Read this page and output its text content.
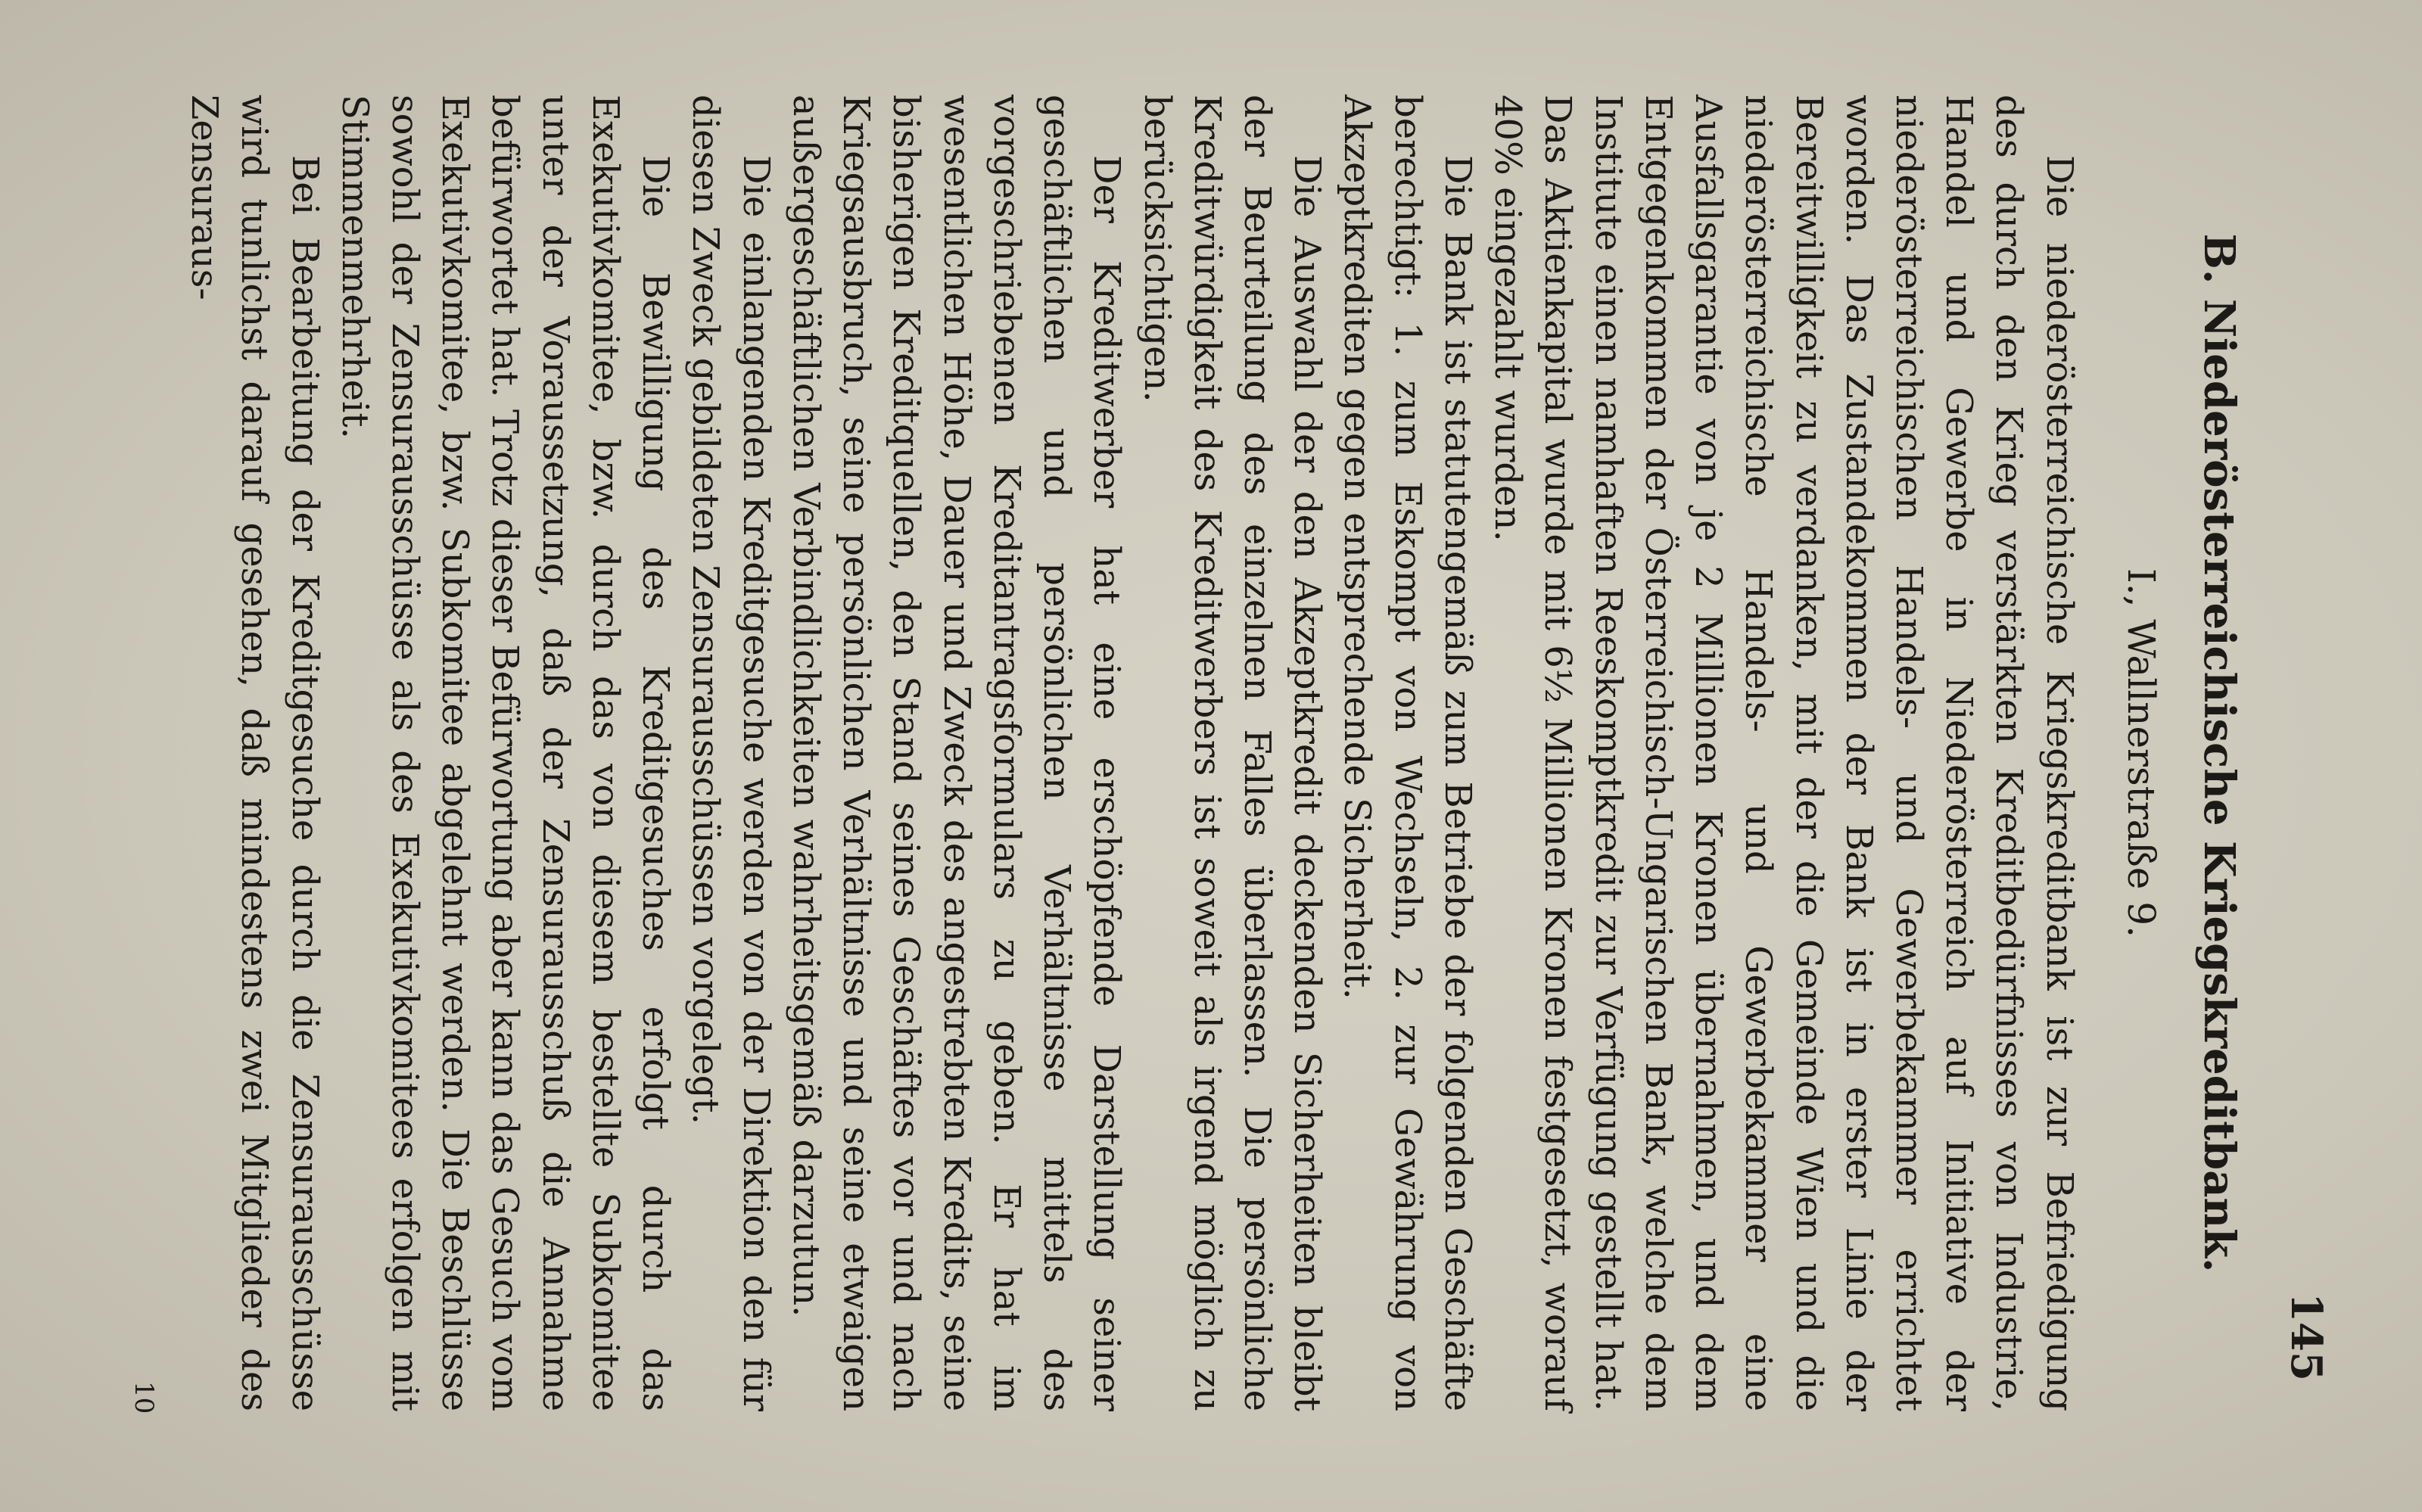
145
B. Niederösterreichische Kriegskreditbank.
I., Wallnerstraße 9.

Die niederösterreichische Kriegskreditbank ist zur Befriedigung des durch den Krieg verstärkten Kreditbedürfnisses von Industrie, Handel und Gewerbe in Niederösterreich auf Initiative der niederösterreichischen Handels- und Gewerbekammer errichtet worden. Das Zustandekommen der Bank ist in erster Linie der Bereitwilligkeit zu verdanken, mit der die Gemeinde Wien und die niederösterreichische Handels- und Gewerbekammer eine Ausfallsgarantie von je 2 Millionen Kronen übernahmen, und dem Entgegenkommen der Österreichisch-Ungarischen Bank, welche dem Institute einen namhaften Reeskomptkredit zur Verfügung gestellt hat. Das Aktienkapital wurde mit 6½ Millionen Kronen festgesetzt, worauf 40% eingezahlt wurden.

Die Bank ist statutengemäß zum Betriebe der folgenden Geschäfte berechtigt: 1. zum Eskompt von Wechseln, 2. zur Gewährung von Akzeptkrediten gegen entsprechende Sicherheit.

Die Auswahl der den Akzeptkredit deckenden Sicherheiten bleibt der Beurteilung des einzelnen Falles überlassen. Die persönliche Kreditwürdigkeit des Kreditwerbers ist soweit als irgend möglich zu berücksichtigen.

Der Kreditwerber hat eine erschöpfende Darstellung seiner geschäftlichen und persönlichen Verhältnisse mittels des vorgeschriebenen Kreditantragsformulars zu geben. Er hat im wesentlichen Höhe, Dauer und Zweck des angestrebten Kredits, seine bisherigen Kreditquellen, den Stand seines Geschäftes vor und nach Kriegsausbruch, seine persönlichen Verhältnisse und seine etwaigen außergeschäftlichen Verbindlichkeiten wahrheitsgemäß darzutun.

Die einlangenden Kreditgesuche werden von der Direktion den für diesen Zweck gebildeten Zensurausschüssen vorgelegt.

Die Bewilligung des Kreditgesuches erfolgt durch das Exekutivkomitee, bzw. durch das von diesem bestellte Subkomitee unter der Voraussetzung, daß der Zensurausschuß die Annahme befürwortet hat. Trotz dieser Befürwortung aber kann das Gesuch vom Exekutivkomitee, bzw. Subkomitee abgelehnt werden. Die Beschlüsse sowohl der Zensurausschüsse als des Exekutivkomitees erfolgen mit Stimmenmehrheit.

Bei Bearbeitung der Kreditgesuche durch die Zensurausschüsse wird tunlichst darauf gesehen, daß mindestens zwei Mitglieder des Zensuraus-

10
